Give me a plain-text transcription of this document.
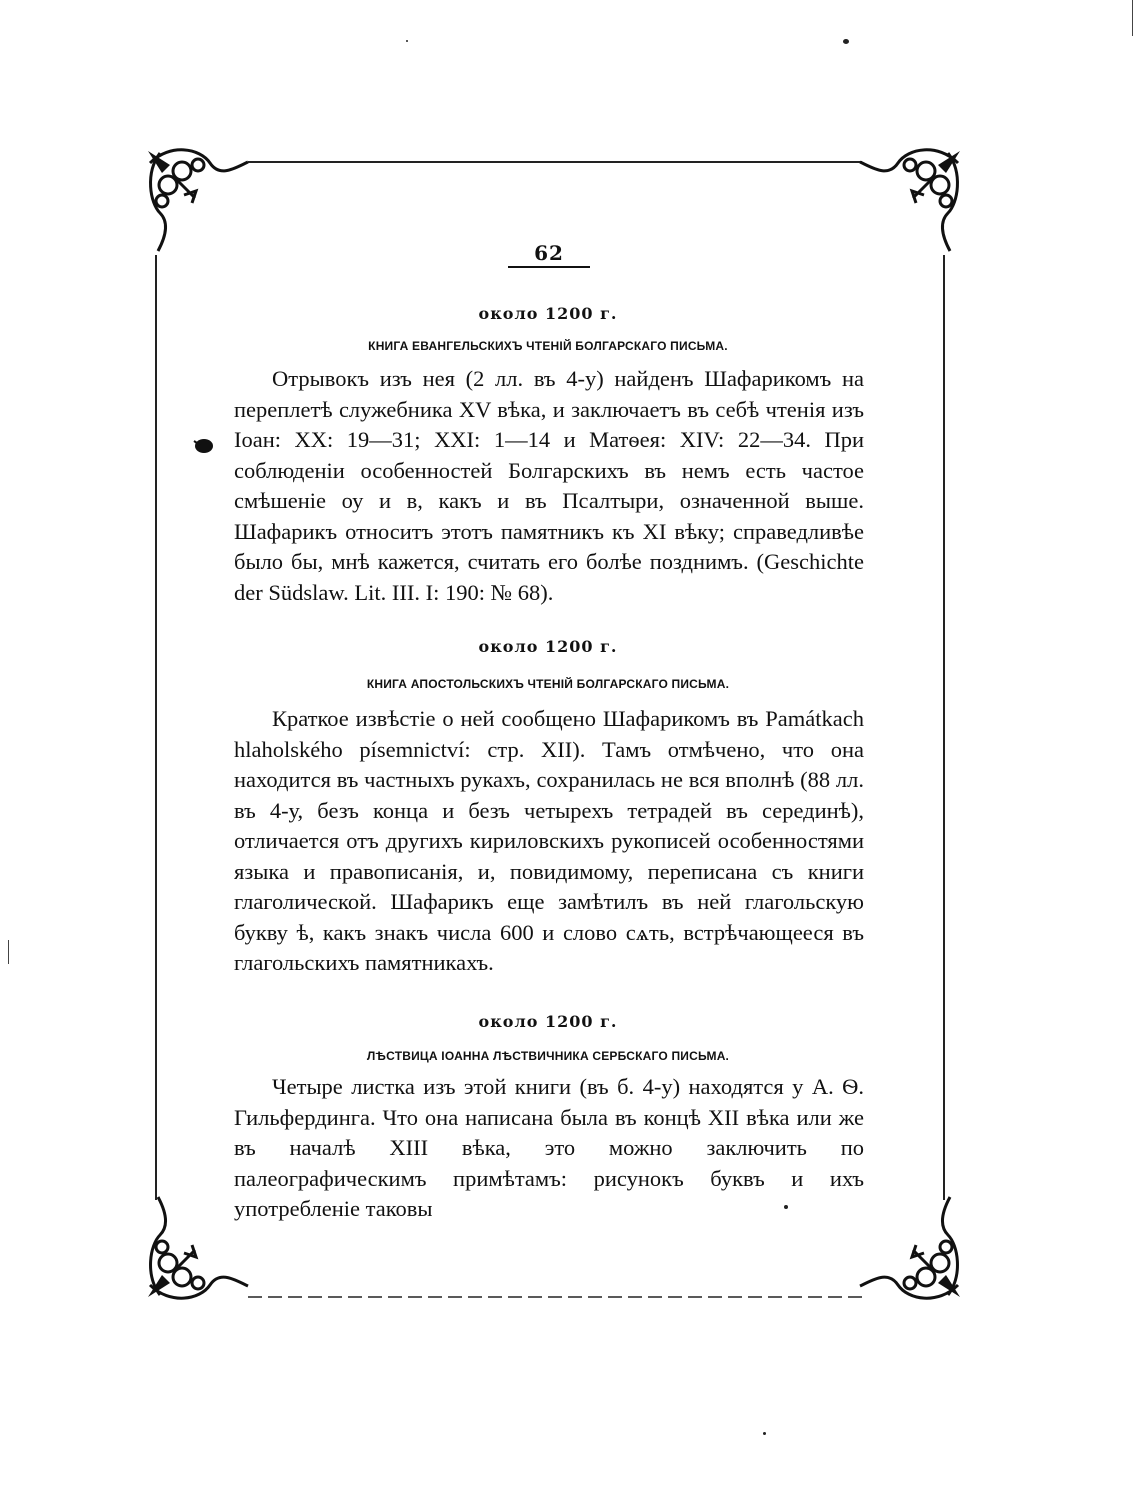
62
около 1200 г.
КНИГА ЕВАНГЕЛЬСКИХЪ ЧТЕНІЙ БОЛГАРСКАГО ПИСЬМА.

Отрывокъ изъ нея (2 лл. въ 4-у) найденъ Шафарикомъ на переплетѣ служебника XV вѣка, и заключаетъ въ себѣ чтенія изъ Іоан: XX: 19—31; XXI: 1—14 и Матѳея: XIV: 22—34. При соблюденіи особенностей Болгарскихъ въ немъ есть частое смѣшеніе оу и в, какъ и въ Псалтыри, означенной выше. Шафарикъ относитъ этотъ памятникъ къ XI вѣку; справедливѣе было бы, мнѣ кажется, считать его болѣе позднимъ. (Geschichte der Südslaw. Lit. III. I: 190: № 68).

около 1200 г.
КНИГА АПОСТОЛЬСКИХЪ ЧТЕНІЙ БОЛГАРСКАГО ПИСЬМА.

Краткое извѣстіе о ней сообщено Шафарикомъ въ Památkach hlaholského písemnictví: стр. XII). Тамъ отмѣчено, что она находится въ частныхъ рукахъ, сохранилась не вся вполнѣ (88 лл. въ 4-у, безъ конца и безъ четырехъ тетрадей въ серединѣ), отличается отъ другихъ кириловскихъ рукописей особенностями языка и правописанія, и, повидимому, переписана съ книги глаголической. Шафарикъ еще замѣтилъ въ ней глагольскую букву ѣ, какъ знакъ числа 600 и слово сѧть, встрѣчающееся въ глагольскихъ памятникахъ.

около 1200 г.
ЛѢСТВИЦА ІОАННА ЛѢСТВИЧНИКА СЕРБСКАГО ПИСЬМА.

Четыре листка изъ этой книги (въ б. 4-у) находятся у А. Ѳ. Гильфердинга. Что она написана была въ концѣ XII вѣка или же въ началѣ XIII вѣка, это можно заключить по палеографическимъ примѣтамъ: рисунокъ буквъ и ихъ употребленіе таковы
